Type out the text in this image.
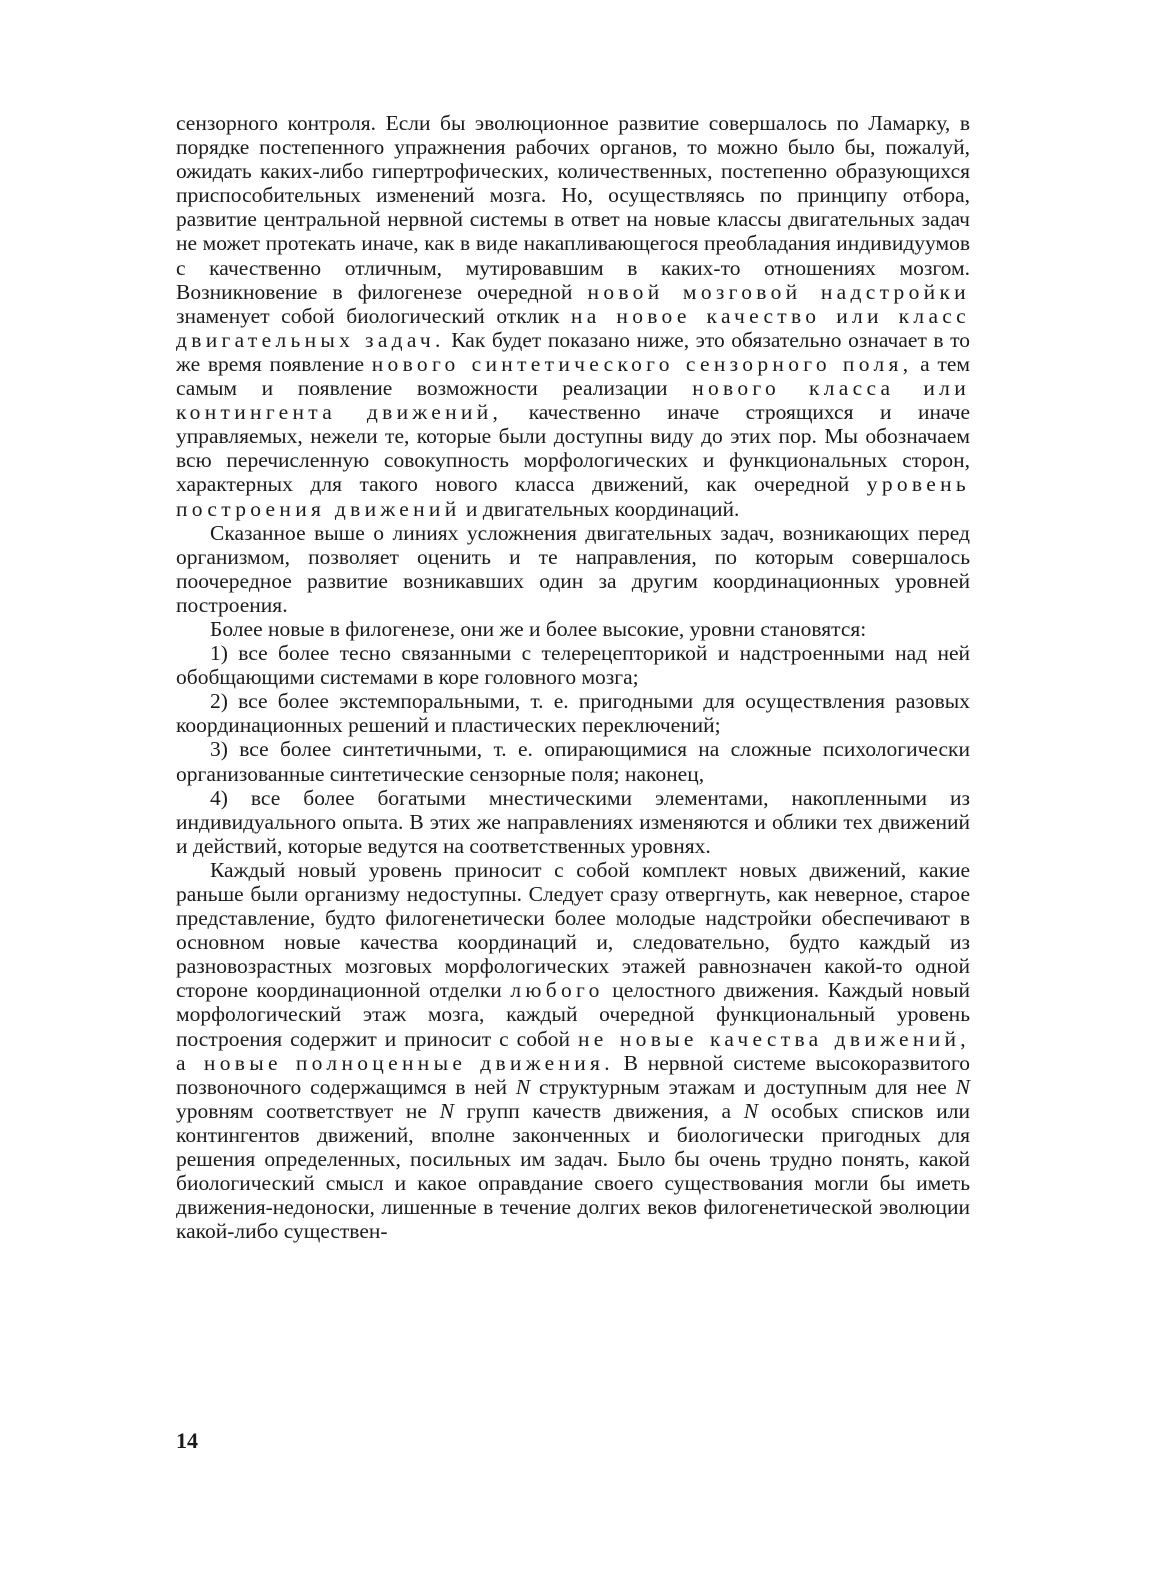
сензорного контроля. Если бы эволюционное развитие совершалось по Ламарку, в порядке постепенного упражнения рабочих органов, то можно было бы, пожалуй, ожидать каких-либо гипертрофических, количественных, постепенно образующихся приспособительных изменений мозга. Но, осуществляясь по принципу отбора, развитие центральной нервной системы в ответ на новые классы двигательных задач не может протекать иначе, как в виде накапливающегося преобладания индивидуумов с качественно отличным, мутировавшим в каких-то отношениях мозгом. Возникновение в филогенезе очередной новой мозговой надстройки знаменует собой биологический отклик на новое качество или класс двигательных задач. Как будет показано ниже, это обязательно означает в то же время появление нового синтетического сензорного поля, а тем самым и появление возможности реализации нового класса или контингента движений, качественно иначе строящихся и иначе управляемых, нежели те, которые были доступны виду до этих пор. Мы обозначаем всю перечисленную совокупность морфологических и функциональных сторон, характерных для такого нового класса движений, как очередной уровень построения движений и двигательных координаций.

Сказанное выше о линиях усложнения двигательных задач, возникающих перед организмом, позволяет оценить и те направления, по которым совершалось поочередное развитие возникавших один за другим координационных уровней построения.

Более новые в филогенезе, они же и более высокие, уровни становятся:

1) все более тесно связанными с телерецепторикой и надстроенными над ней обобщающими системами в коре головного мозга;

2) все более экстемпоральными, т. е. пригодными для осуществления разовых координационных решений и пластических переключений;

3) все более синтетичными, т. е. опирающимися на сложные психологически организованные синтетические сензорные поля; наконец,

4) все более богатыми мнестическими элементами, накопленными из индивидуального опыта. В этих же направлениях изменяются и облики тех движений и действий, которые ведутся на соответственных уровнях.

Каждый новый уровень приносит с собой комплект новых движений, какие раньше были организму недоступны. Следует сразу отвергнуть, как неверное, старое представление, будто филогенетически более молодые надстройки обеспечивают в основном новые качества координаций и, следовательно, будто каждый из разновозрастных мозговых морфологических этажей равнозначен какой-то одной стороне координационной отделки любого целостного движения. Каждый новый морфологический этаж мозга, каждый очередной функциональный уровень построения содержит и приносит с собой не новые качества движений, а новые полноценные движения. В нервной системе высокоразвитого позвоночного содержащимся в ней N структурным этажам и доступным для нее N уровням соответствует не N групп качеств движения, а N особых списков или контингентов движений, вполне законченных и биологически пригодных для решения определенных, посильных им задач. Было бы очень трудно понять, какой биологический смысл и какое оправдание своего существования могли бы иметь движения-недоноски, лишенные в течение долгих веков филогенетической эволюции какой-либо существен-

14
